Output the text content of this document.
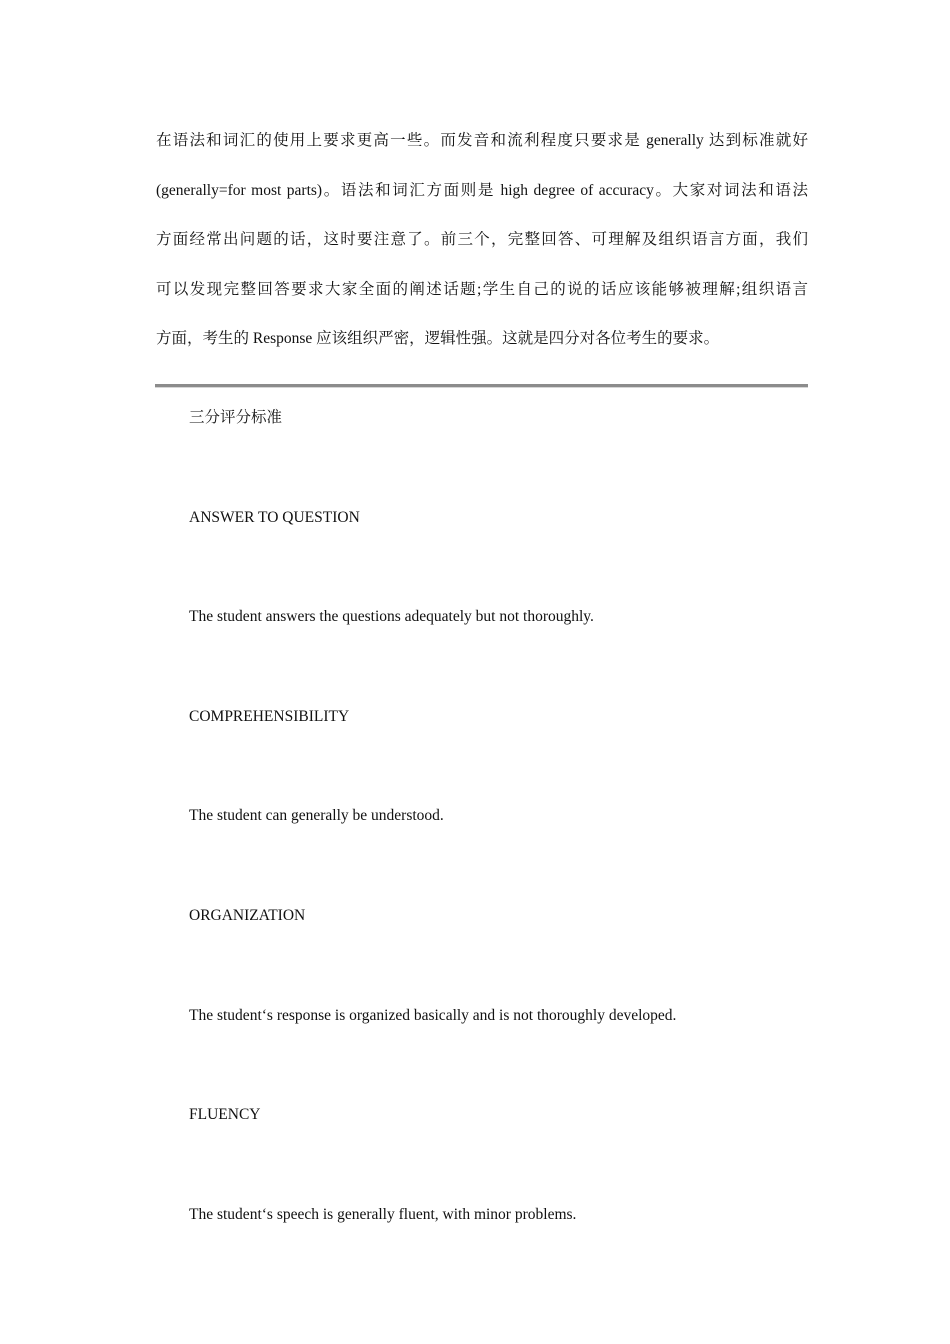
在语法和词汇的使用上要求更高一些。而发音和流利程度只要求是 generally 达到标准就好
(generally=for most parts)。语法和词汇方面则是 high degree of accuracy。大家对词法和语法
方面经常出问题的话，这时要注意了。前三个，完整回答、可理解及组织语言方面，我们
可以发现完整回答要求大家全面的阐述话题;学生自己的说的话应该能够被理解;组织语言
方面，考生的 Response 应该组织严密，逻辑性强。这就是四分对各位考生的要求。
三分评分标准
ANSWER TO QUESTION
The student answers the questions adequately but not thoroughly.
COMPREHENSIBILITY
The student can generally be understood.
ORGANIZATION
The student‘s response is organized basically and is not thoroughly developed.
FLUENCY
The student‘s speech is generally fluent, with minor problems.
